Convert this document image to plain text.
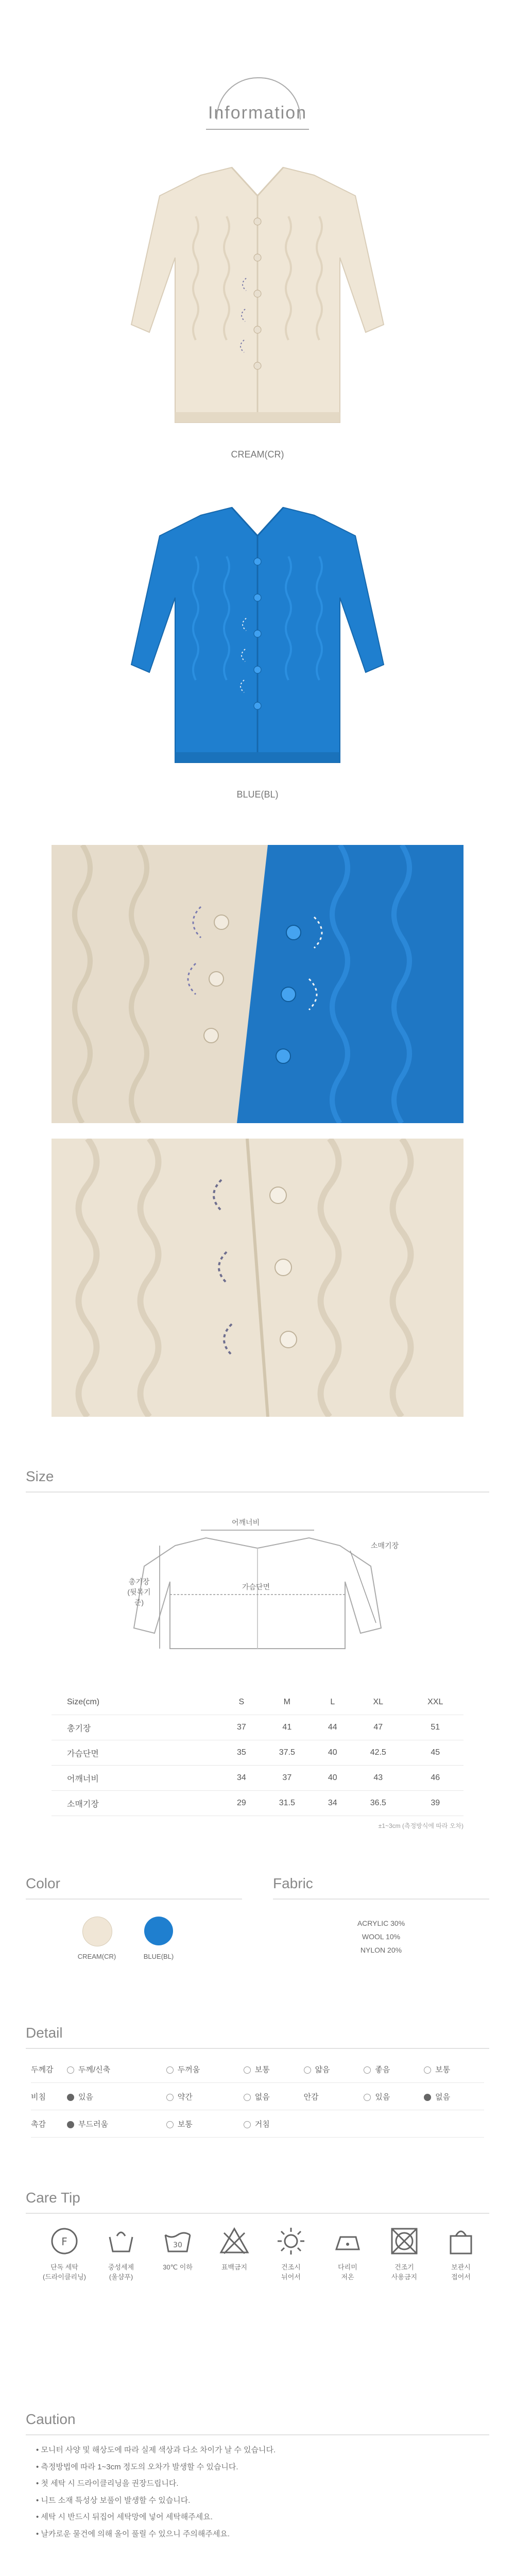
Information
CREAM(CR)
BLUE(BL)
Size
어깨너비
소매기장
총기장
(뒷목기준)
가슴단면
Size(cm)	S	M	L	XL	XXL
총기장	37	41	44	47	51
가슴단면	35	37.5	40	42.5	45
어깨너비	34	37	40	43	46
소매기장	29	31.5	34	36.5	39
±1~3cm (측정방식에 따라 오차)
Color	Fabric
CREAM(CR)	BLUE(BL)
ACRYLIC 30%
WOOL 10%
NYLON 20%
Detail
두께감	두께/신축	두꺼움	보통	얇음	좋음	보통
비침	있음	약간	없음	안감	있음	없음
촉감	부드러움	보통	거침			
Care Tip
F
단독 세탁
(드라이클리닝)
중성세제
(울샴푸)
30
30℃ 이하	표백금지	건조시
뉘어서
다리미
저온
건조기
사용금지
보관시
접어서
Caution

• 모니터 사양 및 해상도에 따라 실제 색상과 다소 차이가 날 수 있습니다.

• 측정방법에 따라 1~3cm 정도의 오차가 발생할 수 있습니다.

• 첫 세탁 시 드라이클리닝을 권장드립니다.

• 니트 소재 특성상 보풀이 발생할 수 있습니다.

• 세탁 시 반드시 뒤집어 세탁망에 넣어 세탁해주세요.

• 날카로운 물건에 의해 올이 풀릴 수 있으니 주의해주세요.
